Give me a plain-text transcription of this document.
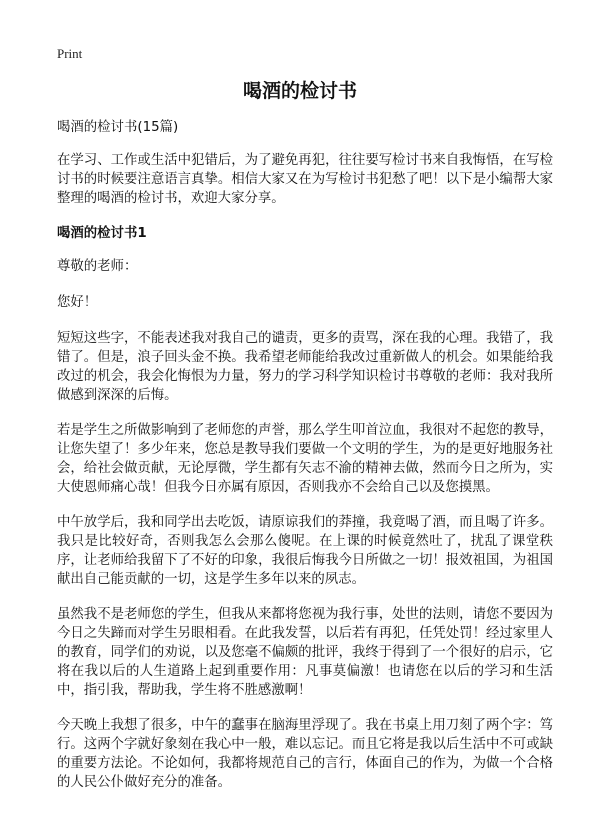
Print
喝酒的检讨书

喝酒的检讨书(15篇)

在学习、工作或生活中犯错后，为了避免再犯，往往要写检讨书来自我悔悟，在写检讨书的时候要注意语言真挚。相信大家又在为写检讨书犯愁了吧！以下是小编帮大家整理的喝酒的检讨书，欢迎大家分享。

喝酒的检讨书1

尊敬的老师：

您好！

短短这些字，不能表述我对我自己的谴责，更多的责骂，深在我的心理。我错了，我错了。但是，浪子回头金不换。我希望老师能给我改过重新做人的机会。如果能给我改过的机会，我会化悔恨为力量，努力的学习科学知识检讨书尊敬的老师：我对我所做感到深深的后悔。

若是学生之所做影响到了老师您的声誉，那么学生叩首泣血，我很对不起您的教导，让您失望了！多少年来，您总是教导我们要做一个文明的学生，为的是更好地服务社会，给社会做贡献，无论厚微，学生都有矢志不渝的精神去做，然而今日之所为，实大使恩师痛心哉！但我今日亦属有原因，否则我亦不会给自己以及您摸黑。

中午放学后，我和同学出去吃饭，请原谅我们的莽撞，我竟喝了酒，而且喝了许多。我只是比较好奇，否则我怎么会那么傻呢。在上课的时候竟然吐了，扰乱了课堂秩序，让老师给我留下了不好的印象，我很后悔我今日所做之一切！报效祖国，为祖国献出自己能贡献的一切，这是学生多年以来的夙志。

虽然我不是老师您的学生，但我从来都将您视为我行事，处世的法则，请您不要因为今日之失蹄而对学生另眼相看。在此我发誓，以后若有再犯，任凭处罚！经过家里人的教育，同学们的劝说，以及您毫不偏颇的批评，我终于得到了一个很好的启示，它将在我以后的人生道路上起到重要作用：凡事莫偏激！也请您在以后的学习和生活中，指引我，帮助我，学生将不胜感激啊！

今天晚上我想了很多，中午的蠢事在脑海里浮现了。我在书桌上用刀刻了两个字：笃行。这两个字就好象刻在我心中一般，难以忘记。而且它将是我以后生活中不可或缺的重要方法论。不论如何，我都将规范自己的言行，体面自己的作为，为做一个合格的人民公仆做好充分的准备。
